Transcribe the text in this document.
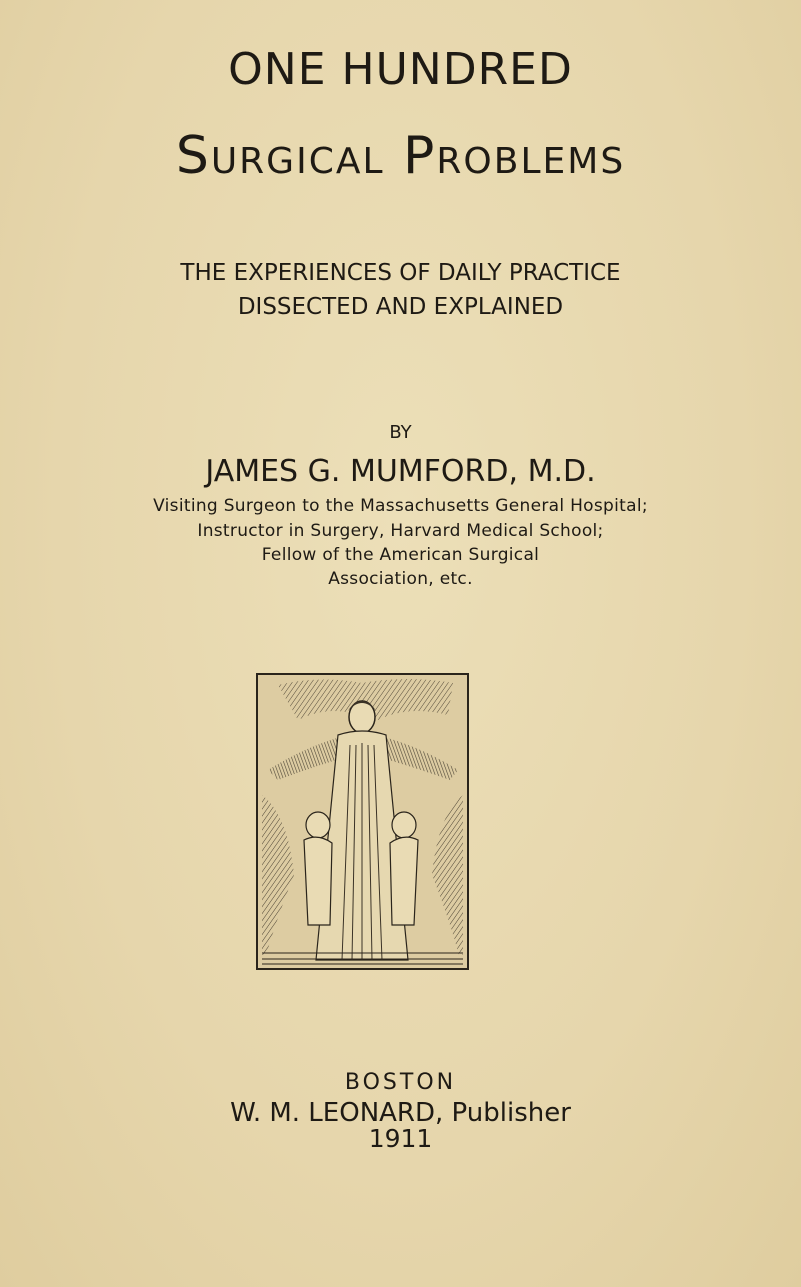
ONE HUNDRED
Surgical Problems
THE EXPERIENCES OF DAILY PRACTICE
DISSECTED AND EXPLAINED
BY
JAMES G. MUMFORD, M.D.
Visiting Surgeon to the Massachusetts General Hospital;
Instructor in Surgery, Harvard Medical School;
Fellow of the American Surgical
Association, etc.
BOSTON
W. M. LEONARD, Publisher
1911
